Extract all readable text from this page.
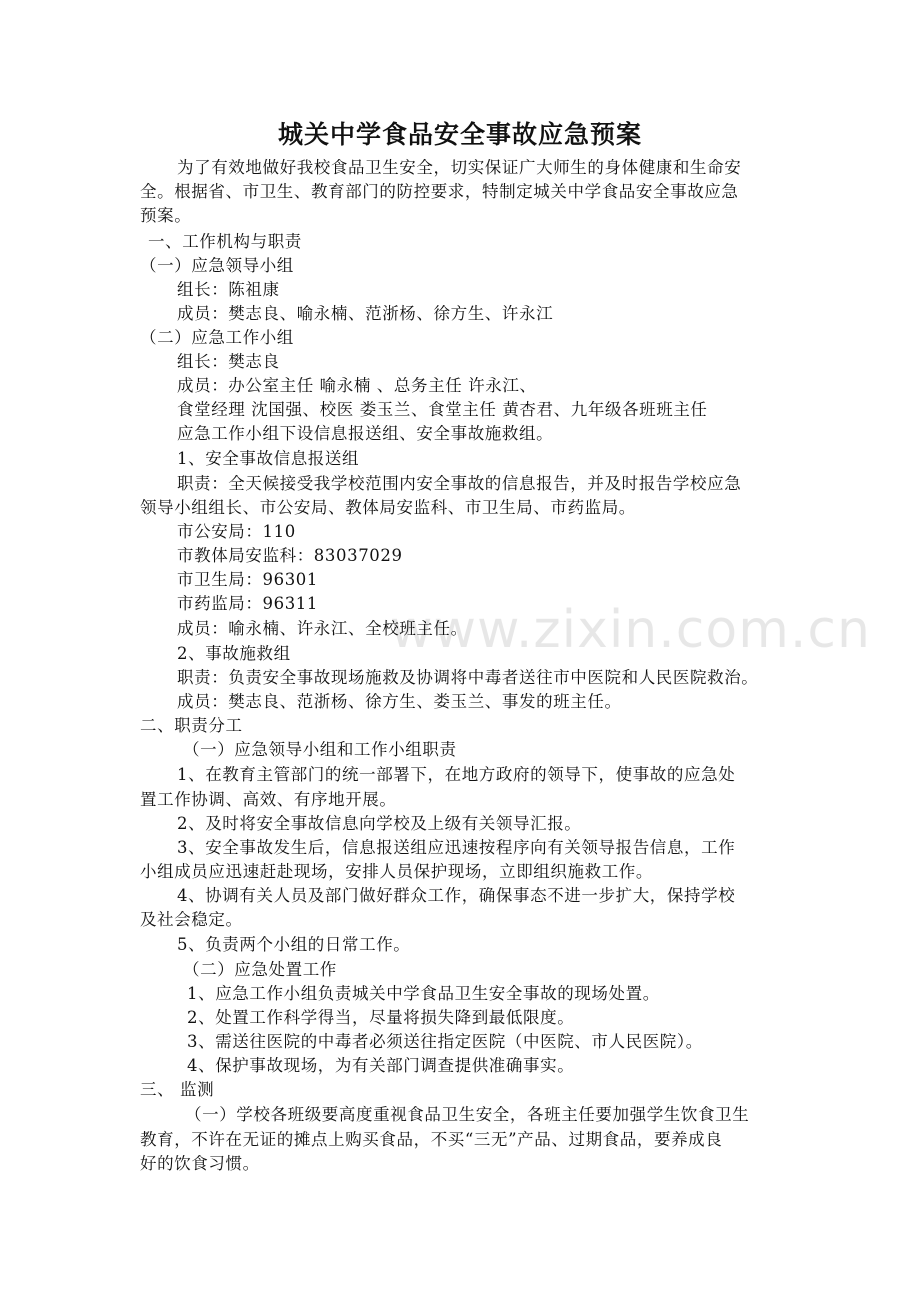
城关中学食品安全事故应急预案
为了有效地做好我校食品卫生安全，切实保证广大师生的身体健康和生命安
全。根据省、市卫生、教育部门的防控要求，特制定城关中学食品安全事故应急
预案。
一、工作机构与职责
（一）应急领导小组
组长：陈祖康
成员：樊志良、喻永楠、范浙杨、徐方生、许永江
（二）应急工作小组
组长：樊志良
成员：办公室主任 喻永楠 、总务主任 许永江、
食堂经理 沈国强、校医 娄玉兰、食堂主任 黄杏君、九年级各班班主任
应急工作小组下设信息报送组、安全事故施救组。
1、安全事故信息报送组
职责：全天候接受我学校范围内安全事故的信息报告，并及时报告学校应急
领导小组组长、市公安局、教体局安监科、市卫生局、市药监局。
市公安局：110
市教体局安监科：83037029
市卫生局：96301
市药监局：96311
成员：喻永楠、许永江、全校班主任。
2、事故施救组
职责：负责安全事故现场施救及协调将中毒者送往市中医院和人民医院救治。
成员：樊志良、范浙杨、徐方生、娄玉兰、事发的班主任。
二、职责分工
（一）应急领导小组和工作小组职责
1、在教育主管部门的统一部署下，在地方政府的领导下，使事故的应急处
置工作协调、高效、有序地开展。
2、及时将安全事故信息向学校及上级有关领导汇报。
3、安全事故发生后，信息报送组应迅速按程序向有关领导报告信息，工作
小组成员应迅速赶赴现场，安排人员保护现场，立即组织施救工作。
4、协调有关人员及部门做好群众工作，确保事态不进一步扩大，保持学校
及社会稳定。
5、负责两个小组的日常工作。
（二）应急处置工作
1、应急工作小组负责城关中学食品卫生安全事故的现场处置。
2、处置工作科学得当，尽量将损失降到最低限度。
3、需送往医院的中毒者必须送往指定医院（中医院、市人民医院）。
4、保护事故现场，为有关部门调查提供准确事实。
三、 监测
（一）学校各班级要高度重视食品卫生安全，各班主任要加强学生饮食卫生
教育，不许在无证的摊点上购买食品，不买“三无”产品、过期食品，要养成良
好的饮食习惯。
www.zixin.com.cn
